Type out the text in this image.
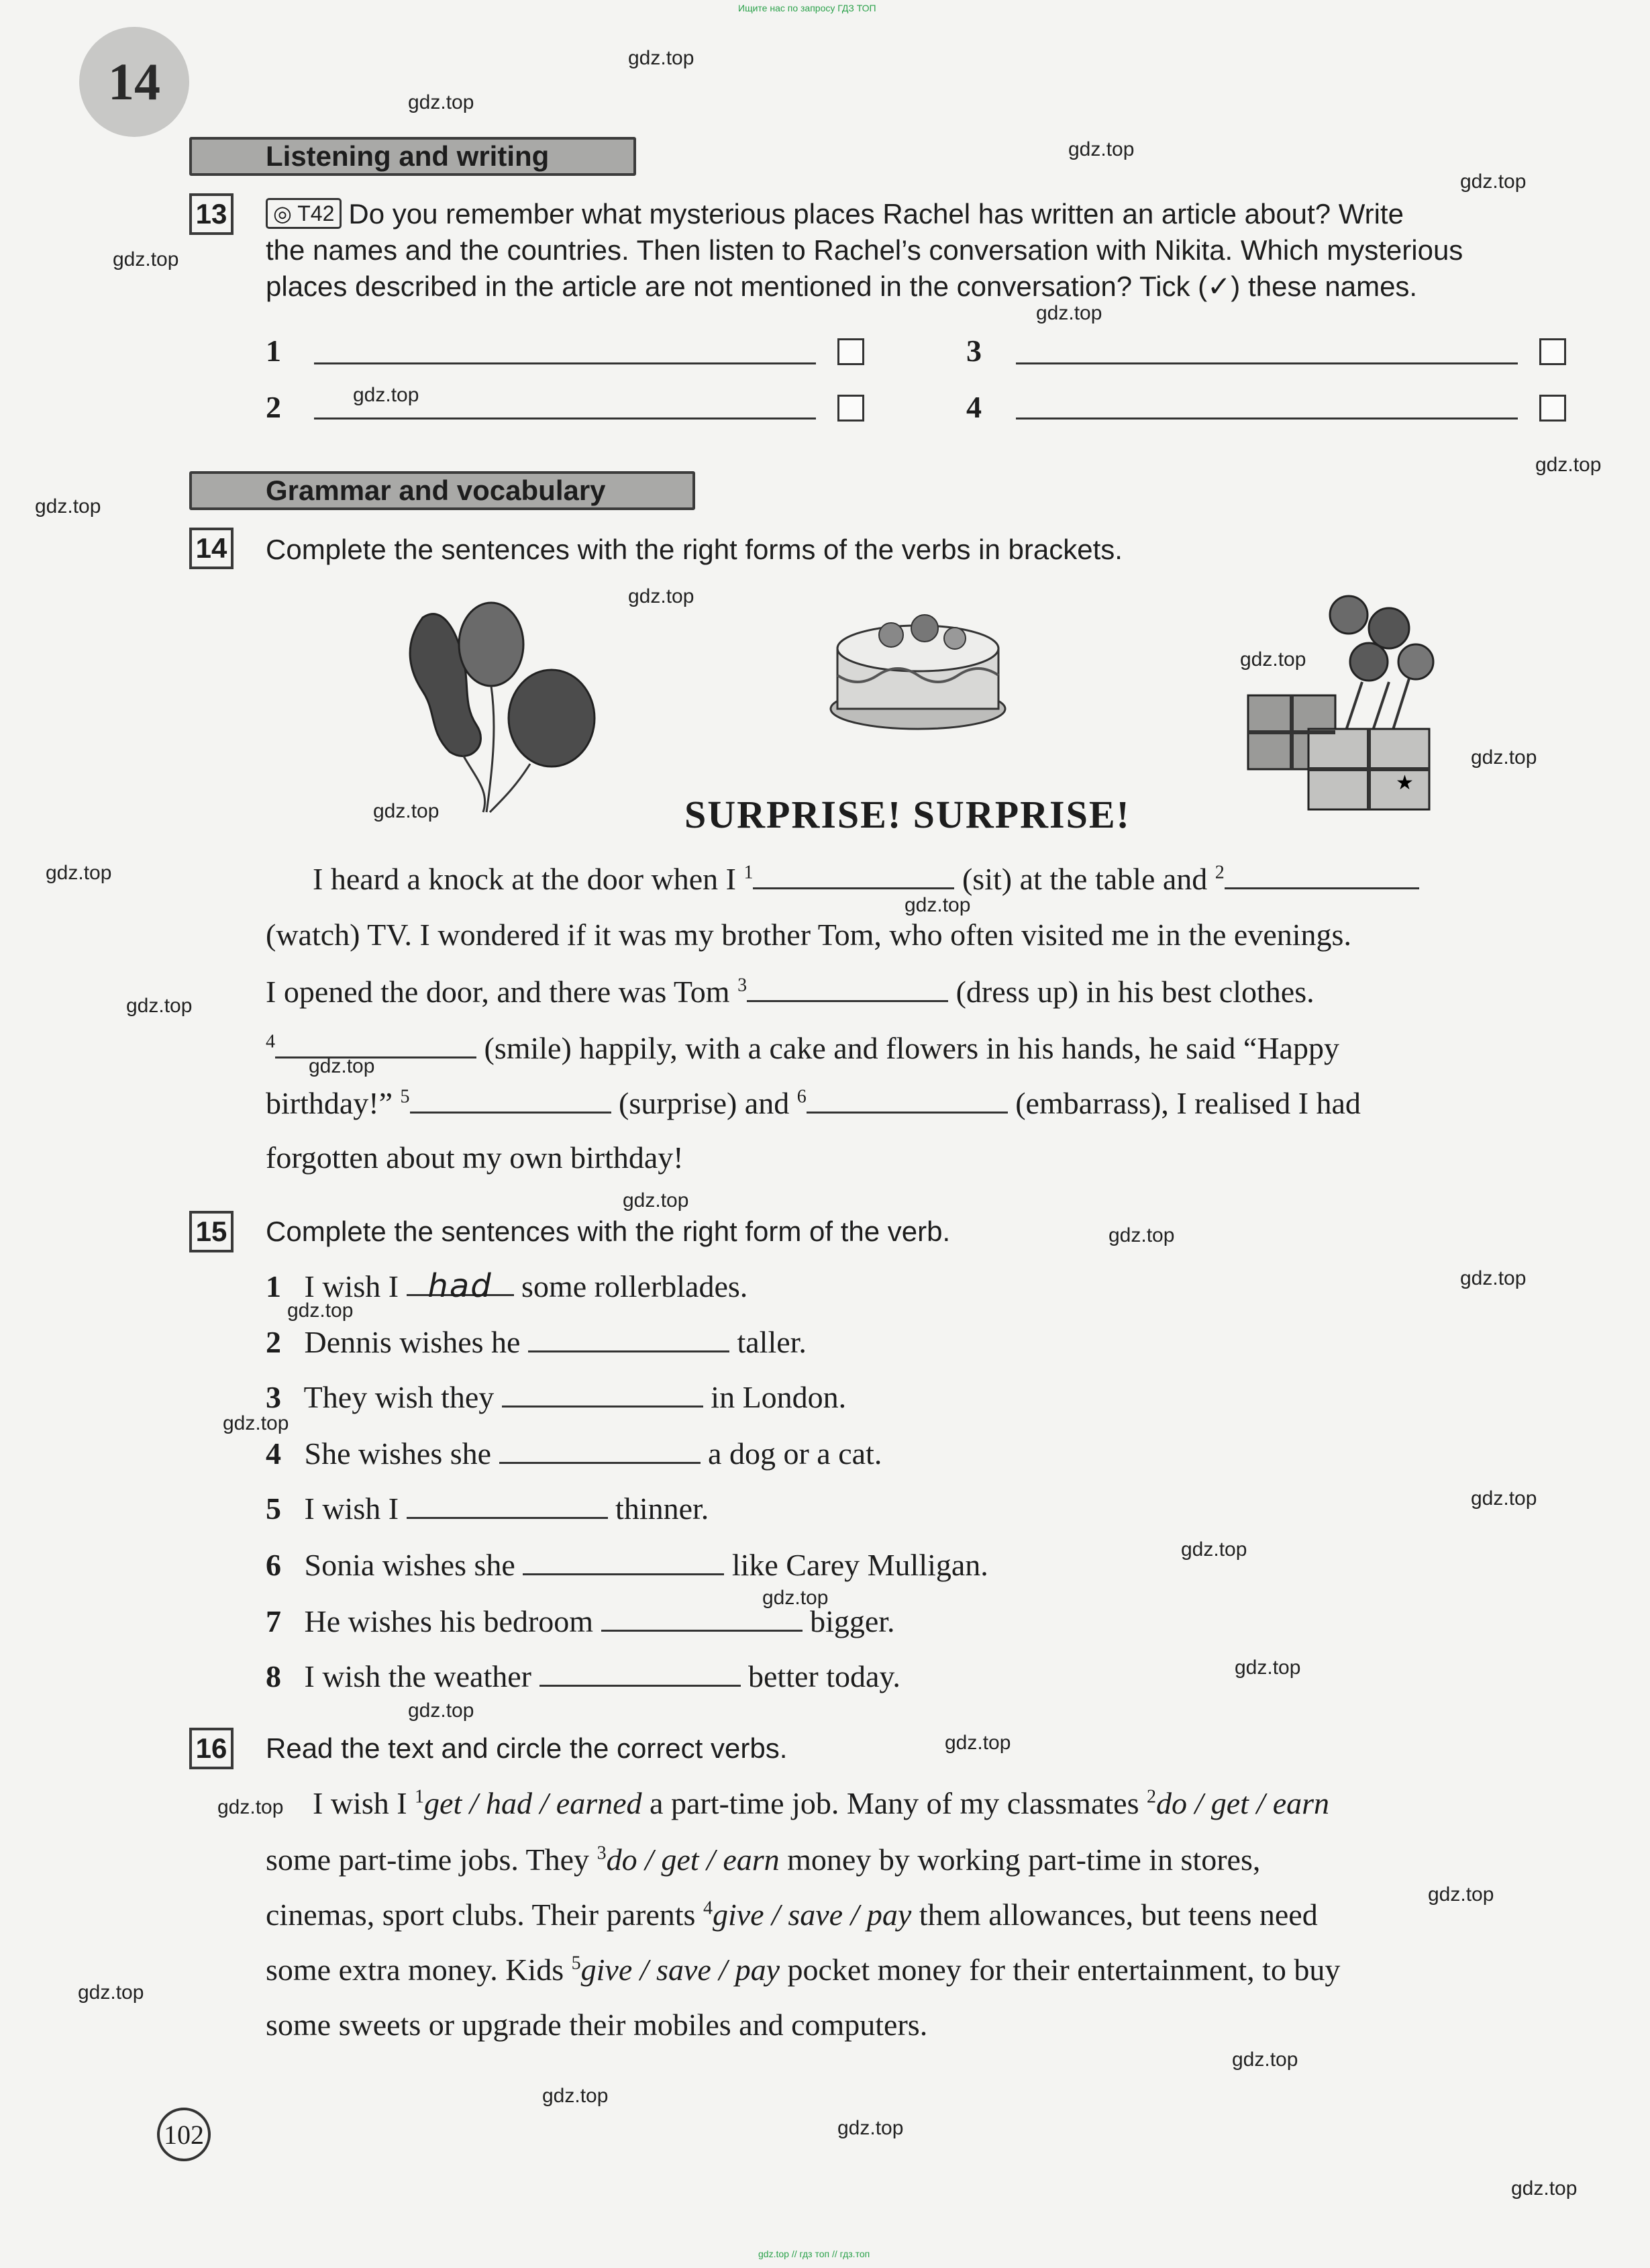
Ищите нас по запросу ГДЗ ТОП
14
Listening and writing
13	◎ T42 Do you remember what mysterious places Rachel has written an article about? Write
the names and the countries. Then listen to Rachel’s conversation with Nikita. Which mysterious
places described in the article are not mentioned in the conversation? Tick (✓) these names.
1	3
2	4
Grammar and vocabulary
14 Complete the sentences with the right forms of the verbs in brackets.
★
SURPRISE! SURPRISE!
I heard a knock at the door when I $^1$	(sit) at the table and $^2$
(watch) TV. I wondered if it was my brother Tom, who often visited me in the evenings.
I opened the door, and there was Tom $^3$	(dress up) in his best clothes.
$^4$	(smile) happily, with a cake and flowers in his hands, he said “Happy
birthday!” $^5$	(surprise) and $^6$	(embarrass), I realised I had
forgotten about my own birthday!
15 Complete the sentences with the right form of the verb.
1 I wish I had some rollerblades.
2 Dennis wishes he	taller.
3 They wish they	in London.
4 She wishes she	a dog or a cat.
5 I wish I	thinner.
6 Sonia wishes she	like Carey Mulligan.
7 He wishes his bedroom	bigger.
8 I wish the weather	better today.
16 Read the text and circle the correct verbs.
I wish I $^1$get / had / earned a part-time job. Many of my classmates $^2$do / get / earn
some part-time jobs. They $^3$do / get / earn money by working part-time in stores,
cinemas, sport clubs. Their parents $^4$give / save / pay them allowances, but teens need
some extra money. Kids $^5$give / save / pay pocket money for their entertainment, to buy
some sweets or upgrade their mobiles and computers.
102
gdz.top
gdz.top
gdz.top
gdz.top
gdz.top
gdz.top
gdz.top
gdz.top
gdz.top
gdz.top
gdz.top
gdz.top
gdz.top
gdz.top
gdz.top
gdz.top
gdz.top
gdz.top
gdz.top
gdz.top
gdz.top
gdz.top
gdz.top
gdz.top
gdz.top
gdz.top
gdz.top
gdz.top
gdz.top
gdz.top
gdz.top
gdz.top
gdz.top
gdz.top
gdz.top
gdz.top // гдз топ // гдз.топ
